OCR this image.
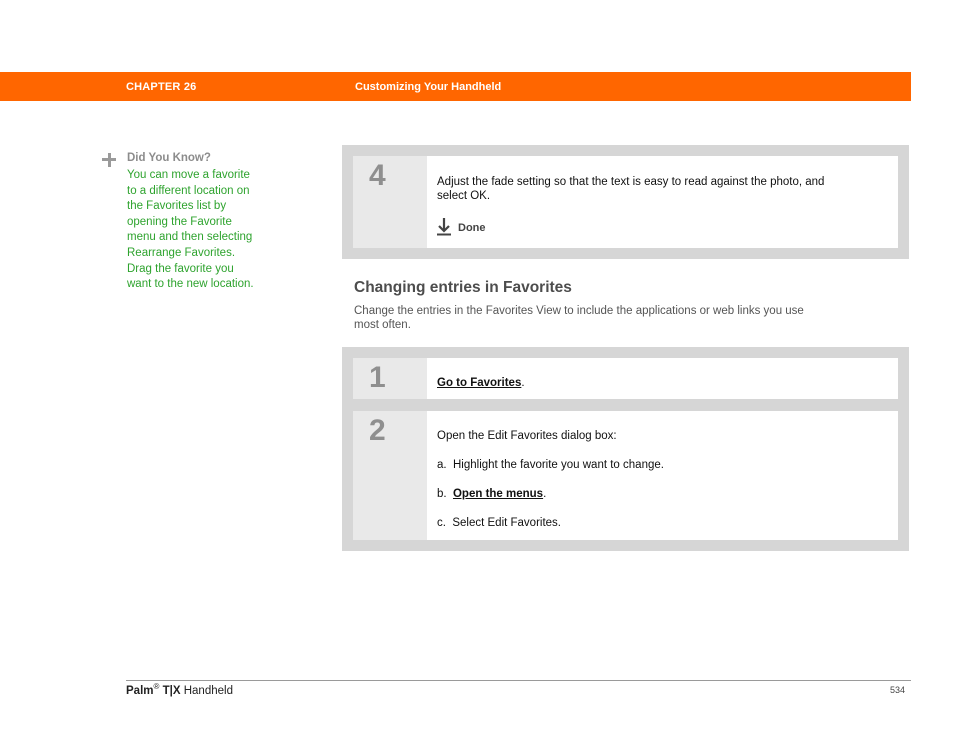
CHAPTER 26	Customizing Your Handheld
Did You Know?

You can move a favorite
to a different location on
the Favorites list by
opening the Favorite
menu and then selecting
Rearrange Favorites.
Drag the favorite you
want to the new location.

4	Adjust the fade setting so that the text is easy to read against the photo, and
select OK.

Done
Changing entries in Favorites

Change the entries in the Favorites View to include the applications or web links you use
most often.

1	Go to Favorites.

2	Open the Edit Favorites dialog box:

a. Highlight the favorite you want to change.

b. Open the menus.

c. Select Edit Favorites.

Palm® T|X Handheld	534
